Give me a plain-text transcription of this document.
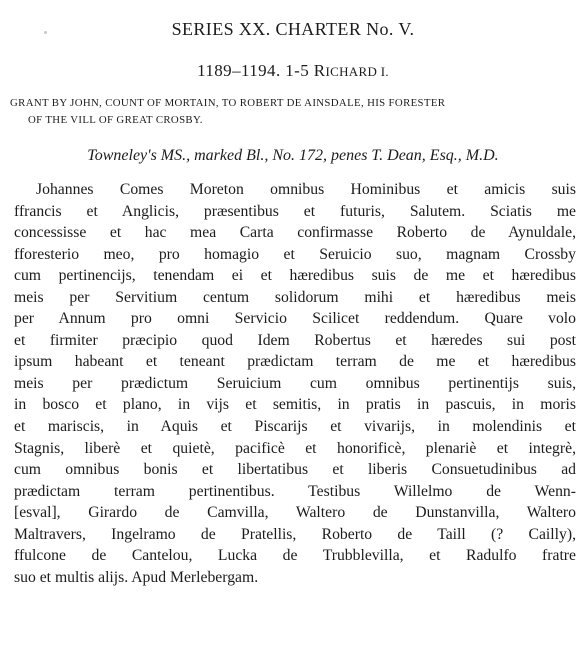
SERIES XX. CHARTER No. V.
1189–1194. 1-5 RICHARD I.
GRANT BY JOHN, COUNT OF MORTAIN, TO ROBERT DE AINSDALE, HIS FORESTER
OF THE VILL OF GREAT CROSBY.
Towneley's MS., marked Bl., No. 172, penes T. Dean, Esq., M.D.
Johannes Comes Moreton omnibus Hominibus et amicis suis
ffrancis et Anglicis, præsentibus et futuris, Salutem. Sciatis me
concessisse et hac mea Carta confirmasse Roberto de Aynuldale,
fforesterio meo, pro homagio et Seruicio suo, magnam Crossby
cum pertinencijs, tenendam ei et hæredibus suis de me et hæredibus
meis per Servitium centum solidorum mihi et hæredibus meis
per Annum pro omni Servicio Scilicet reddendum. Quare volo
et firmiter præcipio quod Idem Robertus et hæredes sui post
ipsum habeant et teneant prædictam terram de me et hæredibus
meis per prædictum Seruicium cum omnibus pertinentijs suis,
in bosco et plano, in vijs et semitis, in pratis in pascuis, in moris
et mariscis, in Aquis et Piscarijs et vivarijs, in molendinis et
Stagnis, liberè et quietè, pacificè et honorificè, plenariè et integrè,
cum omnibus bonis et libertatibus et liberis Consuetudinibus ad
prædictam terram pertinentibus. Testibus Willelmo de Wenn-
[esval], Girardo de Camvilla, Waltero de Dunstanvilla, Waltero
Maltravers, Ingelramo de Pratellis, Roberto de Taill (? Cailly),
ffulcone de Cantelou, Lucka de Trubblevilla, et Radulfo fratre
suo et multis alijs. Apud Merlebergam.
